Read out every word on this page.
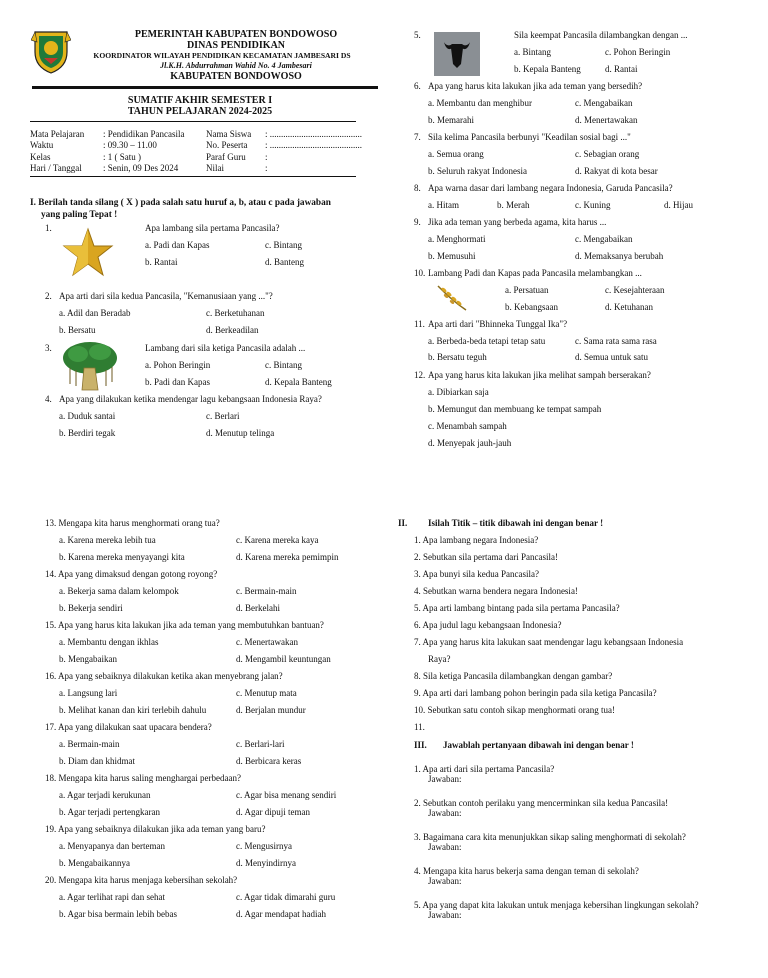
PEMERINTAH KABUPATEN BONDOWOSO
DINAS PENDIDIKAN
KOORDINATOR WILAYAH PENDIDIKAN KECAMATAN JAMBESARI DS
Jl.K.H. Abdurrahman Wahid No. 4 Jambesari
KABUPATEN BONDOWOSO
SUMATIF AKHIR SEMESTER I
TAHUN PELAJARAN 2024-2025
Mata Pelajaran : Pendidikan Pancasila
Waktu	: 09.30 – 11.00
Kelas	: 1 ( Satu )
Hari / Tanggal : Senin, 09 Des 2024
Nama Siswa : .........................................
No. Peserta : .........................................
Paraf Guru :
Nilai	:
I. Berilah tanda silang ( X ) pada salah satu huruf a, b, atau c pada jawaban
yang paling Tepat !
1.	Apa lambang sila pertama Pancasila?
a. Padi dan Kapas	c. Bintang
b. Rantai	d. Banteng
2. Apa arti dari sila kedua Pancasila, "Kemanusiaan yang ..."?
a. Adil dan Beradab	c. Berketuhanan
b. Bersatu	d. Berkeadilan
3.	Lambang dari sila ketiga Pancasila adalah ...
a. Pohon Beringin	c. Bintang
b. Padi dan Kapas	d. Kepala Banteng
4. Apa yang dilakukan ketika mendengar lagu kebangsaan Indonesia Raya?
a. Duduk santai	c. Berlari
b. Berdiri tegak	d. Menutup telinga
5.	Sila keempat Pancasila dilambangkan dengan ...
a. Bintang	c. Pohon Beringin
b. Kepala Banteng	d. Rantai
6. Apa yang harus kita lakukan jika ada teman yang bersedih?
a. Membantu dan menghibur	c. Mengabaikan
b. Memarahi	d. Menertawakan
7. Sila kelima Pancasila berbunyi "Keadilan sosial bagi ..."
a. Semua orang	c. Sebagian orang
b. Seluruh rakyat Indonesia	d. Rakyat di kota besar
8. Apa warna dasar dari lambang negara Indonesia, Garuda Pancasila?
a. Hitam	b. Merah	c. Kuning	d. Hijau
9. Jika ada teman yang berbeda agama, kita harus ...
a. Menghormati	c. Mengabaikan
b. Memusuhi	d. Memaksanya berubah
10. Lambang Padi dan Kapas pada Pancasila melambangkan ...
a. Persatuan	c. Kesejahteraan
b. Kebangsaan	d. Ketuhanan
11. Apa arti dari "Bhinneka Tunggal Ika"?
a. Berbeda-beda tetapi tetap satu	c. Sama rata sama rasa
b. Bersatu teguh	d. Semua untuk satu
12. Apa yang harus kita lakukan jika melihat sampah berserakan?
a. Dibiarkan saja
b. Memungut dan membuang ke tempat sampah
c. Menambah sampah
d. Menyepak jauh-jauh
13. Mengapa kita harus menghormati orang tua?
a. Karena mereka lebih tua	c. Karena mereka kaya
b. Karena mereka menyayangi kita	d. Karena mereka pemimpin
14. Apa yang dimaksud dengan gotong royong?
a. Bekerja sama dalam kelompok	c. Bermain-main
b. Bekerja sendiri	d. Berkelahi
15. Apa yang harus kita lakukan jika ada teman yang membutuhkan bantuan?
a. Membantu dengan ikhlas	c. Menertawakan
b. Mengabaikan	d. Mengambil keuntungan
16. Apa yang sebaiknya dilakukan ketika akan menyebrang jalan?
a. Langsung lari	c. Menutup mata
b. Melihat kanan dan kiri terlebih dahulu	d. Berjalan mundur
17. Apa yang dilakukan saat upacara bendera?
a. Bermain-main	c. Berlari-lari
b. Diam dan khidmat	d. Berbicara keras
18. Mengapa kita harus saling menghargai perbedaan?
a. Agar terjadi kerukunan	c. Agar bisa menang sendiri
b. Agar terjadi pertengkaran	d. Agar dipuji teman
19. Apa yang sebaiknya dilakukan jika ada teman yang baru?
a. Menyapanya dan berteman	c. Mengusirnya
b. Mengabaikannya	d. Menyindirnya
20. Mengapa kita harus menjaga kebersihan sekolah?
a. Agar terlihat rapi dan sehat	c. Agar tidak dimarahi guru
b. Agar bisa bermain lebih bebas	d. Agar mendapat hadiah
II. Isilah Titik – titik dibawah ini dengan benar !
1. Apa lambang negara Indonesia?
2. Sebutkan sila pertama dari Pancasila!
3. Apa bunyi sila kedua Pancasila?
4. Sebutkan warna bendera negara Indonesia!
5. Apa arti lambang bintang pada sila pertama Pancasila?
6. Apa judul lagu kebangsaan Indonesia?
7. Apa yang harus kita lakukan saat mendengar lagu kebangsaan Indonesia
Raya?
8. Sila ketiga Pancasila dilambangkan dengan gambar?
9. Apa arti dari lambang pohon beringin pada sila ketiga Pancasila?
10. Sebutkan satu contoh sikap menghormati orang tua!
11.
III. Jawablah pertanyaan dibawah ini dengan benar !
1. Apa arti dari sila pertama Pancasila?
Jawaban:
2. Sebutkan contoh perilaku yang mencerminkan sila kedua Pancasila!
Jawaban:
3. Bagaimana cara kita menunjukkan sikap saling menghormati di sekolah?
Jawaban:
4. Mengapa kita harus bekerja sama dengan teman di sekolah?
Jawaban:
5. Apa yang dapat kita lakukan untuk menjaga kebersihan lingkungan sekolah?
Jawaban:
